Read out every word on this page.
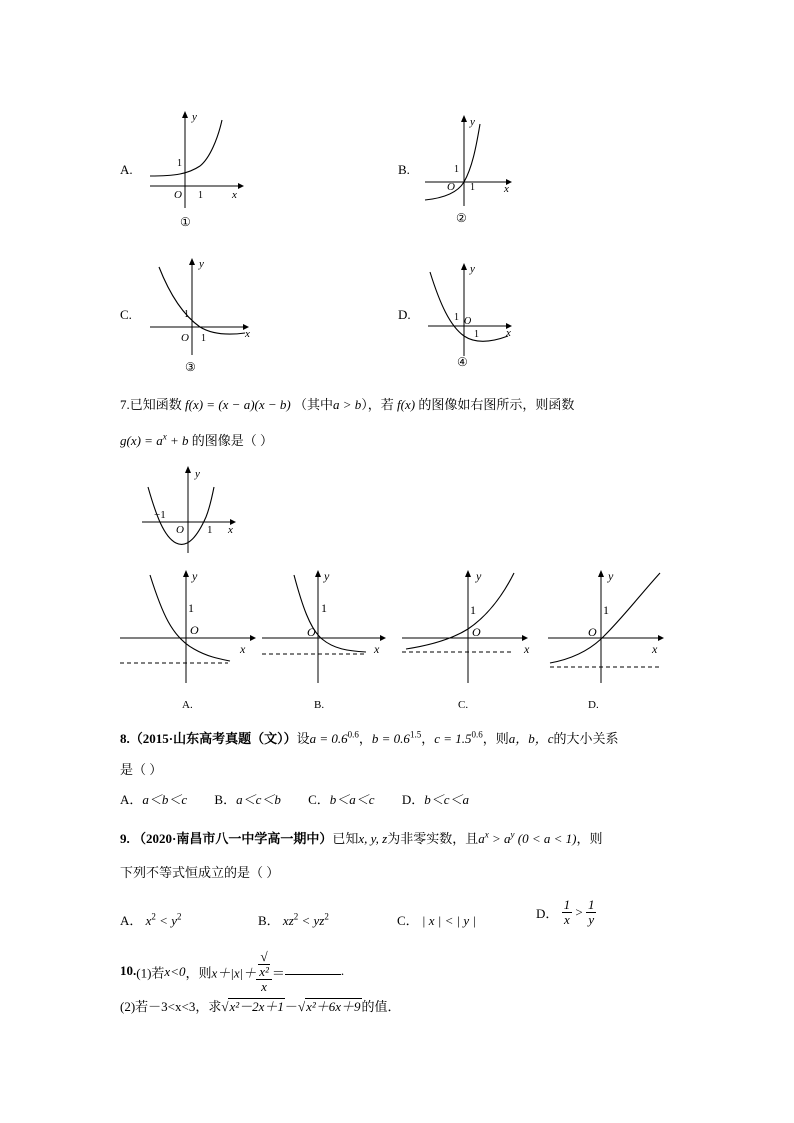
A.
y
x
O
1
1
①
B.
y
x
O
1
1
②
C.
y
x
O
1
1
③
D.
y
x
O
1
1
④
7.已知函数 f(x) = (x − a)(x − b) （其中a > b），若 f(x) 的图像如右图所示，则函数
$g(x) = a^x + b$ 的图像是（ ）
y
x
O
−1
1
y
x
O
1
A.
y
x
O
1
B.
y
x
O
1
C.
y
x
O
1
D.
8.（2015·山东高考真题（文））设$a = 0.6^{0.6}$，$b = 0.6^{1.5}$，$c = 1.5^{0.6}$，则a，b，c的大小关系
是（ ）
A．a＜b＜c B．a＜c＜b C．b＜a＜c D．b＜c＜a
9. （2020·南昌市八一中学高一期中）已知x, y, z为非零实数，且$a^x > a^y$ (0 < a < 1)，则
下列不等式恒成立的是（ ）
A． $x^2 < y^2$	B． $xz^2 < yz^2$	C． | x | < | y |	D． $\frac{1}{x} > \frac{1}{y}$
10.(1)若x<0，则x＋|x|＋ √
x²
x ＝	.
(2)若－3<x<3，求√x²－2x＋1－√x²＋6x＋9的值．
